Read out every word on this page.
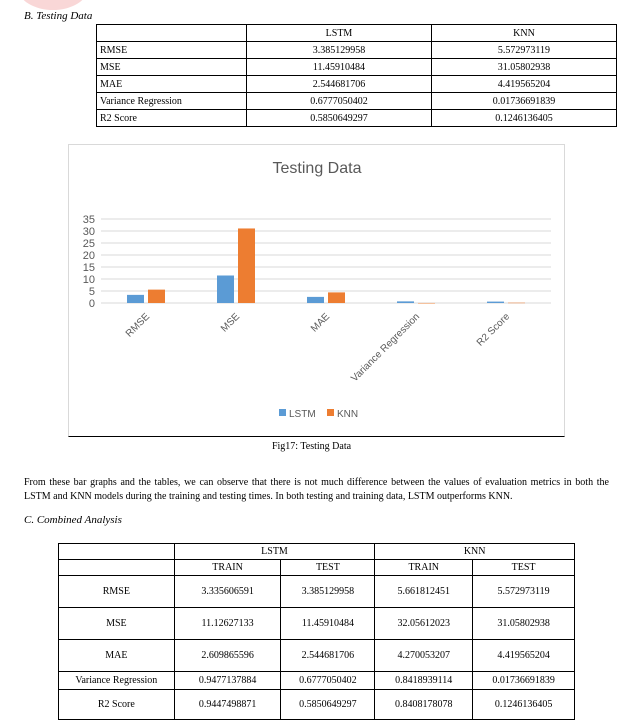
B. Testing Data
	LSTM	KNN
RMSE	3.385129958	5.572973119
MSE	11.45910484	31.05802938
MAE	2.544681706	4.419565204
Variance Regression	0.6777050402	0.01736691839
R2 Score	0.5850649297	0.1246136405
Testing Data
0
5
10
15
20
25
30
35
RMSE	MSE	MAE Variance Regression	R2 Score
LSTM KNN
Fig17: Testing Data
From these bar graphs and the tables, we can observe that there is not much difference between the values of evaluation metrics in both the LSTM and KNN models during the training and testing times. In both testing and training data, LSTM outperforms KNN.
C. Combined Analysis
	LSTM		KNN	
	TRAIN	TEST	TRAIN	TEST
RMSE	3.335606591	3.385129958	5.661812451	5.572973119
MSE	11.12627133	11.45910484	32.05612023	31.05802938
MAE	2.609865596	2.544681706	4.270053207	4.419565204
Variance Regression	0.9477137884	0.6777050402	0.8418939114	0.01736691839
R2 Score	0.9447498871	0.5850649297	0.8408178078	0.1246136405
